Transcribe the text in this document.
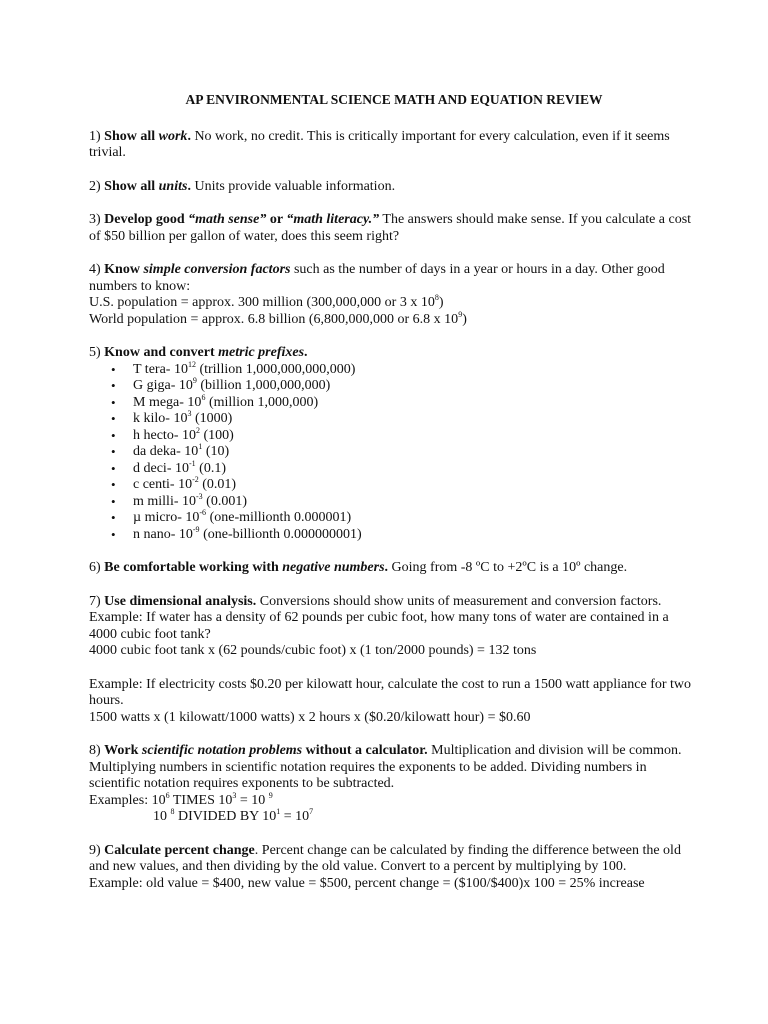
AP ENVIRONMENTAL SCIENCE MATH AND EQUATION REVIEW

1) Show all work. No work, no credit. This is critically important for every calculation, even if it seems trivial.

2) Show all units. Units provide valuable information.

3) Develop good “math sense” or “math literacy.” The answers should make sense. If you calculate a cost of $50 billion per gallon of water, does this seem right?

4) Know simple conversion factors such as the number of days in a year or hours in a day. Other good numbers to know:

U.S. population = approx. 300 million (300,000,000 or 3 x $10^8$)

World population = approx. 6.8 billion (6,800,000,000 or 6.8 x $10^9$)

5) Know and convert metric prefixes.

• T tera- $10^{12}$ (trillion 1,000,000,000,000)
• G giga- $10^9$ (billion 1,000,000,000)
• M mega- $10^6$ (million 1,000,000)
• k kilo- $10^3$ (1000)
• h hecto- $10^2$ (100)
• da deka- $10^1$ (10)
• d deci- $10^{-1}$ (0.1)
• c centi- $10^{-2}$ (0.01)
• m milli- $10^{-3}$ (0.001)
• µ micro- $10^{-6}$ (one-millionth 0.000001)
• n nano- $10^{-9}$ (one-billionth 0.000000001)

6) Be comfortable working with negative numbers. Going from -8 ºC to +2ºC is a 10º change.

7) Use dimensional analysis. Conversions should show units of measurement and conversion factors.

Example: If water has a density of 62 pounds per cubic foot, how many tons of water are contained in a 4000 cubic foot tank?

4000 cubic foot tank x (62 pounds/cubic foot) x (1 ton/2000 pounds) = 132 tons

Example: If electricity costs $0.20 per kilowatt hour, calculate the cost to run a 1500 watt appliance for two hours.

1500 watts x (1 kilowatt/1000 watts) x 2 hours x ($0.20/kilowatt hour) = $0.60

8) Work scientific notation problems without a calculator. Multiplication and division will be common. Multiplying numbers in scientific notation requires the exponents to be added. Dividing numbers in scientific notation requires exponents to be subtracted.

Examples: $10^6$ TIMES $10^3 = 10$ $^9$

10 $^8$ DIVIDED BY $10^1 = 10^7$

9) Calculate percent change. Percent change can be calculated by finding the difference between the old and new values, and then dividing by the old value. Convert to a percent by multiplying by 100.

Example: old value = $400, new value = $500, percent change = ($100/$400)x 100 = 25% increase
